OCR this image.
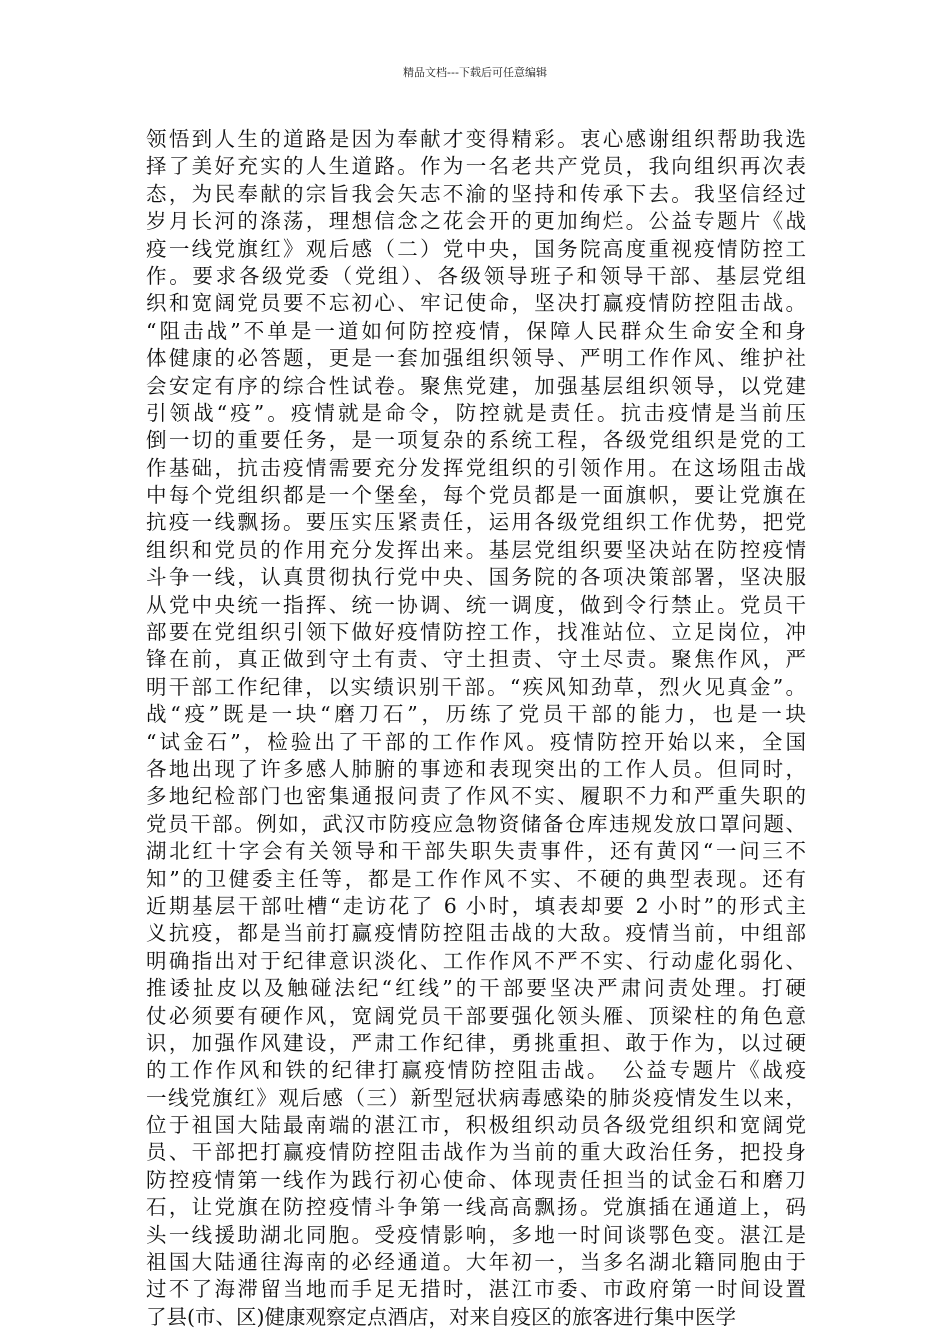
精品文档---下载后可任意编辑
领悟到人生的道路是因为奉献才变得精彩。衷心感谢组织帮助我选
择了美好充实的人生道路。作为一名老共产党员，我向组织再次表
态，为民奉献的宗旨我会矢志不渝的坚持和传承下去。我坚信经过
岁月长河的涤荡，理想信念之花会开的更加绚烂。公益专题片《战
疫一线党旗红》观后感（二）党中央，国务院高度重视疫情防控工
作。要求各级党委（党组）、各级领导班子和领导干部、基层党组
织和宽阔党员要不忘初心、牢记使命，坚决打赢疫情防控阻击战。
“阻击战”不单是一道如何防控疫情，保障人民群众生命安全和身
体健康的必答题，更是一套加强组织领导、严明工作作风、维护社
会安定有序的综合性试卷。聚焦党建，加强基层组织领导，以党建
引领战“疫”。疫情就是命令，防控就是责任。抗击疫情是当前压
倒一切的重要任务，是一项复杂的系统工程，各级党组织是党的工
作基础，抗击疫情需要充分发挥党组织的引领作用。在这场阻击战
中每个党组织都是一个堡垒，每个党员都是一面旗帜，要让党旗在
抗疫一线飘扬。要压实压紧责任，运用各级党组织工作优势，把党
组织和党员的作用充分发挥出来。基层党组织要坚决站在防控疫情
斗争一线，认真贯彻执行党中央、国务院的各项决策部署，坚决服
从党中央统一指挥、统一协调、统一调度，做到令行禁止。党员干
部要在党组织引领下做好疫情防控工作，找准站位、立足岗位，冲
锋在前，真正做到守土有责、守土担责、守土尽责。聚焦作风，严
明干部工作纪律，以实绩识别干部。“疾风知劲草，烈火见真金”。
战“疫”既是一块“磨刀石”，历练了党员干部的能力，也是一块
“试金石”，检验出了干部的工作作风。疫情防控开始以来，全国
各地出现了许多感人肺腑的事迹和表现突出的工作人员。但同时，
多地纪检部门也密集通报问责了作风不实、履职不力和严重失职的
党员干部。例如，武汉市防疫应急物资储备仓库违规发放口罩问题、
湖北红十字会有关领导和干部失职失责事件，还有黄冈“一问三不
知”的卫健委主任等，都是工作作风不实、不硬的典型表现。还有
近期基层干部吐槽“走访花了 6 小时，填表却要 2 小时”的形式主
义抗疫，都是当前打赢疫情防控阻击战的大敌。疫情当前，中组部
明确指出对于纪律意识淡化、工作作风不严不实、行动虚化弱化、
推诿扯皮以及触碰法纪“红线”的干部要坚决严肃问责处理。打硬
仗必须要有硬作风，宽阔党员干部要强化领头雁、顶梁柱的角色意
识，加强作风建设，严肃工作纪律，勇挑重担、敢于作为，以过硬
的工作作风和铁的纪律打赢疫情防控阻击战。　公益专题片《战疫
一线党旗红》观后感（三）新型冠状病毒感染的肺炎疫情发生以来，
位于祖国大陆最南端的湛江市，积极组织动员各级党组织和宽阔党
员、干部把打赢疫情防控阻击战作为当前的重大政治任务，把投身
防控疫情第一线作为践行初心使命、体现责任担当的试金石和磨刀
石，让党旗在防控疫情斗争第一线高高飘扬。党旗插在通道上，码
头一线援助湖北同胞。受疫情影响，多地一时间谈鄂色变。湛江是
祖国大陆通往海南的必经通道。大年初一，当多名湖北籍同胞由于
过不了海滞留当地而手足无措时，湛江市委、市政府第一时间设置
了县(市、区)健康观察定点酒店，对来自疫区的旅客进行集中医学
